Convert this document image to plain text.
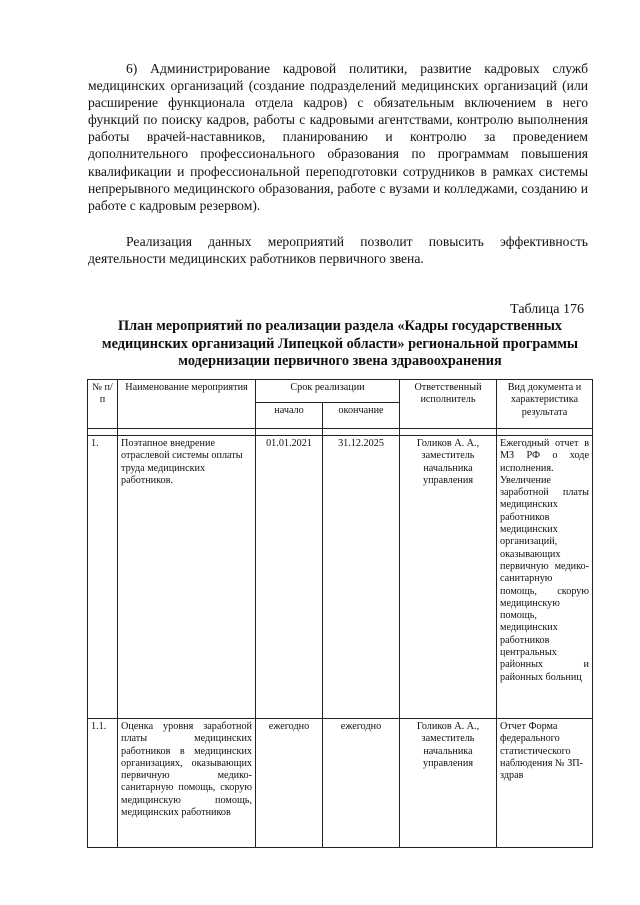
6) Администрирование кадровой политики, развитие кадровых служб медицинских организаций (создание подразделений медицинских организаций (или расширение функционала отдела кадров) с обязательным включением в него функций по поиску кадров, работы с кадровыми агентствами, контролю выполнения работы врачей-наставников, планированию и контролю за проведением дополнительного профессионального образования по программам повышения квалификации и профессиональной переподготовки сотрудников в рамках системы непрерывного медицинского образования, работе с вузами и колледжами, созданию и работе с кадровым резервом).

Реализация данных мероприятий позволит повысить эффективность деятельности медицинских работников первичного звена.

Таблица 176

План мероприятий по реализации раздела «Кадры государственных медицинских организаций Липецкой области» региональной программы модернизации первичного звена здравоохранения

№ п/п	Наименование мероприятия	Срок реализации		Ответственный исполнитель	Вид документа и характеристика результата
		начало	окончание		

1.	Поэтапное внедрение отраслевой системы оплаты труда медицинских работников.	01.01.2021	31.12.2025	Голиков А. А., заместитель начальника управления	Ежегодный отчет в МЗ РФ о ходе исполнения. Увеличение заработной платы медицинских работников медицинских организаций, оказывающих первичную медико-санитарную помощь, скорую медицинскую помощь, медицинских работников центральных районных и районных больниц
1.1.	Оценка уровня заработной платы медицинских работников в медицинских организациях, оказывающих первичную медико-санитарную помощь, скорую медицинскую помощь, медицинских работников	ежегодно	ежегодно	Голиков А. А., заместитель начальника управления	Отчет Форма федерального статистического наблюдения № ЗП-здрав
